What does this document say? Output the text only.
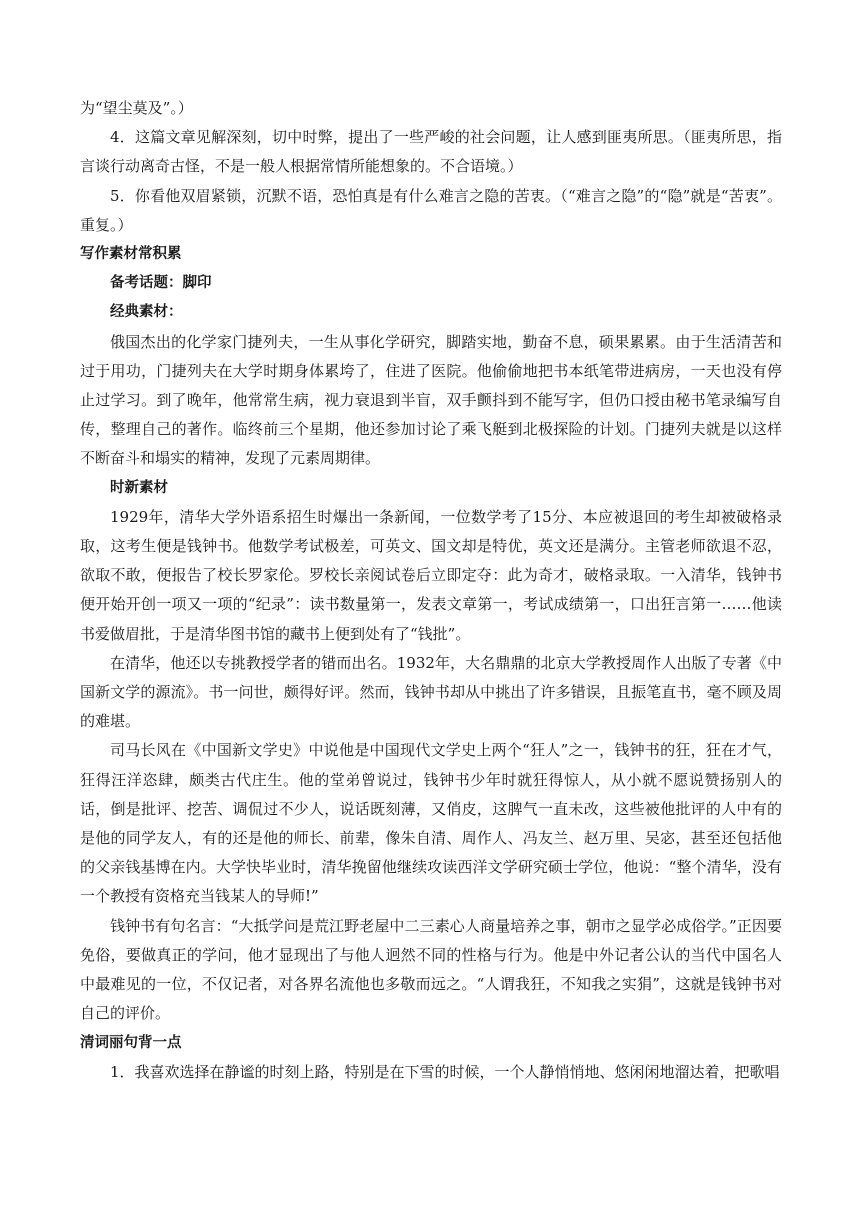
为“望尘莫及”。）

4．这篇文章见解深刻，切中时弊，提出了一些严峻的社会问题，让人感到匪夷所思。（匪夷所思，指言谈行动离奇古怪，不是一般人根据常情所能想象的。不合语境。）

5．你看他双眉紧锁，沉默不语，恐怕真是有什么难言之隐的苦衷。（“难言之隐”的“隐”就是“苦衷”。重复。）

写作素材常积累

备考话题：脚印

经典素材：

俄国杰出的化学家门捷列夫，一生从事化学研究，脚踏实地，勤奋不息，硕果累累。由于生活清苦和过于用功，门捷列夫在大学时期身体累垮了，住进了医院。他偷偷地把书本纸笔带进病房，一天也没有停止过学习。到了晚年，他常常生病，视力衰退到半盲，双手颤抖到不能写字，但仍口授由秘书笔录编写自传，整理自己的著作。临终前三个星期，他还参加讨论了乘飞艇到北极探险的计划。门捷列夫就是以这样不断奋斗和塌实的精神，发现了元素周期律。

时新素材

1929年，清华大学外语系招生时爆出一条新闻，一位数学考了15分、本应被退回的考生却被破格录取，这考生便是钱钟书。他数学考试极差，可英文、国文却是特优，英文还是满分。主管老师欲退不忍，欲取不敢，便报告了校长罗家伦。罗校长亲阅试卷后立即定夺：此为奇才，破格录取。一入清华，钱钟书便开始开创一项又一项的“纪录”：读书数量第一，发表文章第一，考试成绩第一，口出狂言第一……他读书爱做眉批，于是清华图书馆的藏书上便到处有了“钱批”。

在清华，他还以专挑教授学者的错而出名。1932年，大名鼎鼎的北京大学教授周作人出版了专著《中国新文学的源流》。书一问世，颇得好评。然而，钱钟书却从中挑出了许多错误，且振笔直书，毫不顾及周的难堪。

司马长风在《中国新文学史》中说他是中国现代文学史上两个“狂人”之一，钱钟书的狂，狂在才气，狂得汪洋恣肆，颇类古代庄生。他的堂弟曾说过，钱钟书少年时就狂得惊人，从小就不愿说赞扬别人的话，倒是批评、挖苦、调侃过不少人，说话既刻薄，又俏皮，这脾气一直未改，这些被他批评的人中有的是他的同学友人，有的还是他的师长、前辈，像朱自清、周作人、冯友兰、赵万里、吴宓，甚至还包括他的父亲钱基博在内。大学快毕业时，清华挽留他继续攻读西洋文学研究硕士学位，他说：“整个清华，没有一个教授有资格充当钱某人的导师!”

钱钟书有句名言：“大抵学问是荒江野老屋中二三素心人商量培养之事，朝市之显学必成俗学。”正因要免俗，要做真正的学问，他才显现出了与他人迥然不同的性格与行为。他是中外记者公认的当代中国名人中最难见的一位，不仅记者，对各界名流他也多敬而远之。“人谓我狂，不知我之实狷”，这就是钱钟书对自己的评价。

清词丽句背一点

1．我喜欢选择在静谧的时刻上路，特别是在下雪的时候，一个人静悄悄地、悠闲闲地溜达着，把歌唱
